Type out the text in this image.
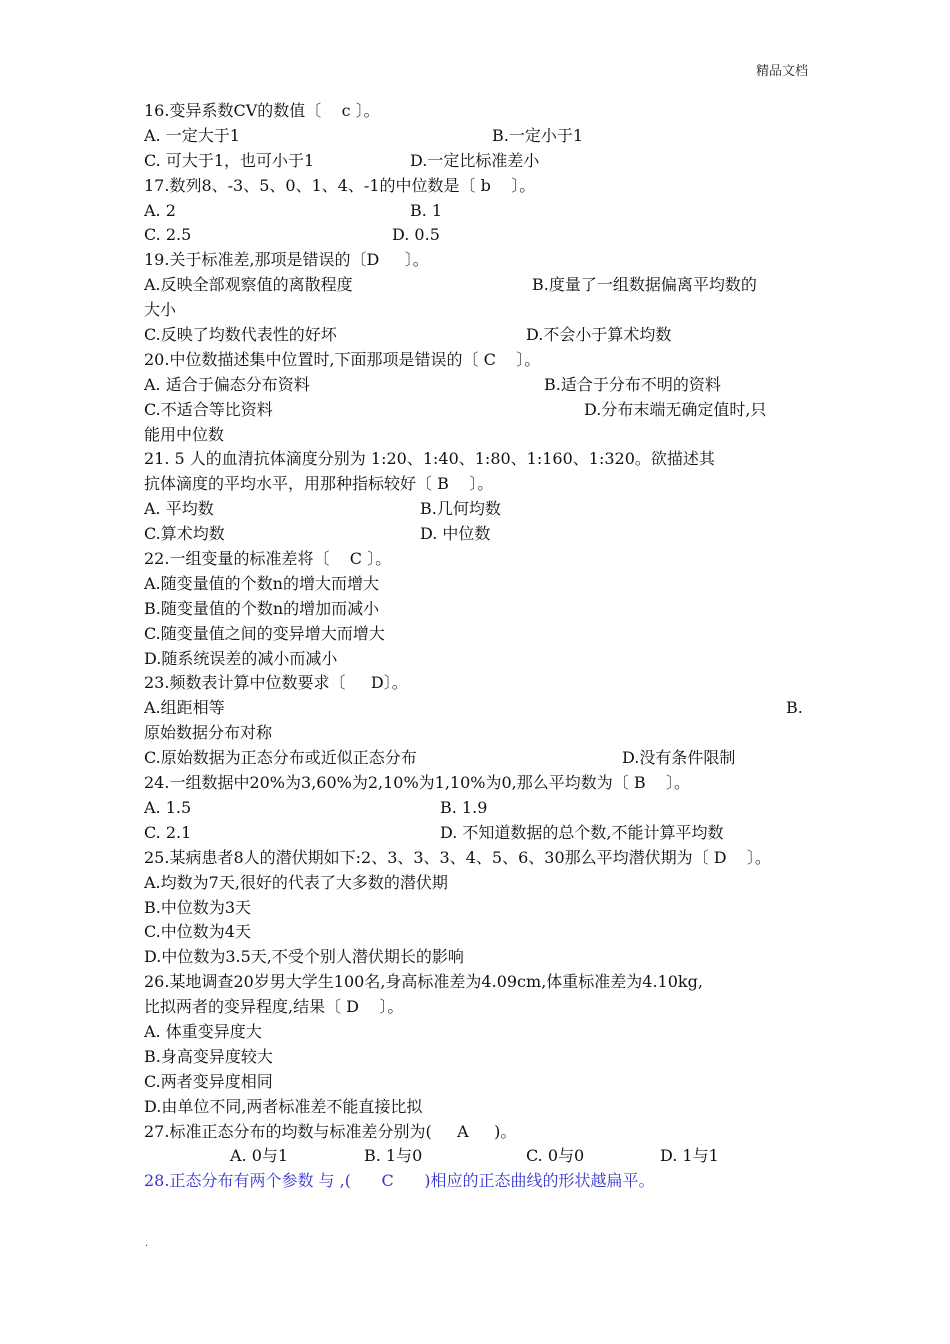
精品文档
16.变异系数CV的数值〔    c 〕。
A. 一定大于1	B.一定小于1
C. 可大于1，也可小于1	D.一定比标准差小
17.数列8、-3、5、0、1、4、-1的中位数是〔 b    〕。
A. 2	B. 1
C. 2.5	D. 0.5
19.关于标准差,那项是错误的〔D     〕。
A.反映全部观察值的离散程度	B.度量了一组数据偏离平均数的
大小
C.反映了均数代表性的好坏	D.不会小于算术均数
20.中位数描述集中位置时,下面那项是错误的〔 C    〕。
A. 适合于偏态分布资料	B.适合于分布不明的资料
C.不适合等比资料	D.分布末端无确定值时,只
能用中位数
21. 5 人的血清抗体滴度分别为 1:20、1:40、1:80、1:160、1:320。欲描述其
抗体滴度的平均水平，用那种指标较好〔 B    〕。
A. 平均数	B.几何均数
C.算术均数	D. 中位数
22.一组变量的标准差将〔    C 〕。
A.随变量值的个数n的增大而增大
B.随变量值的个数n的增加而减小
C.随变量值之间的变异增大而增大
D.随系统误差的减小而减小
23.频数表计算中位数要求〔     D〕。
A.组距相等	B.
原始数据分布对称
C.原始数据为正态分布或近似正态分布	D.没有条件限制
24.一组数据中20%为3,60%为2,10%为1,10%为0,那么平均数为〔 B    〕。
A. 1.5	B. 1.9
C. 2.1	D. 不知道数据的总个数,不能计算平均数
25.某病患者8人的潜伏期如下:2、3、3、3、4、5、6、30那么平均潜伏期为〔 D    〕。
A.均数为7天,很好的代表了大多数的潜伏期
B.中位数为3天
C.中位数为4天
D.中位数为3.5天,不受个别人潜伏期长的影响
26.某地调查20岁男大学生100名,身高标准差为4.09cm,体重标准差为4.10kg,
比拟两者的变异程度,结果〔 D    〕。
A. 体重变异度大
B.身高变异度较大
C.两者变异度相同
D.由单位不同,两者标准差不能直接比拟
27.标准正态分布的均数与标准差分别为(     A     )。
A. 0与1	B. 1与0	C. 0与0	D. 1与1
28.正态分布有两个参数 与 ,(      C      )相应的正态曲线的形状越扁平。
.
